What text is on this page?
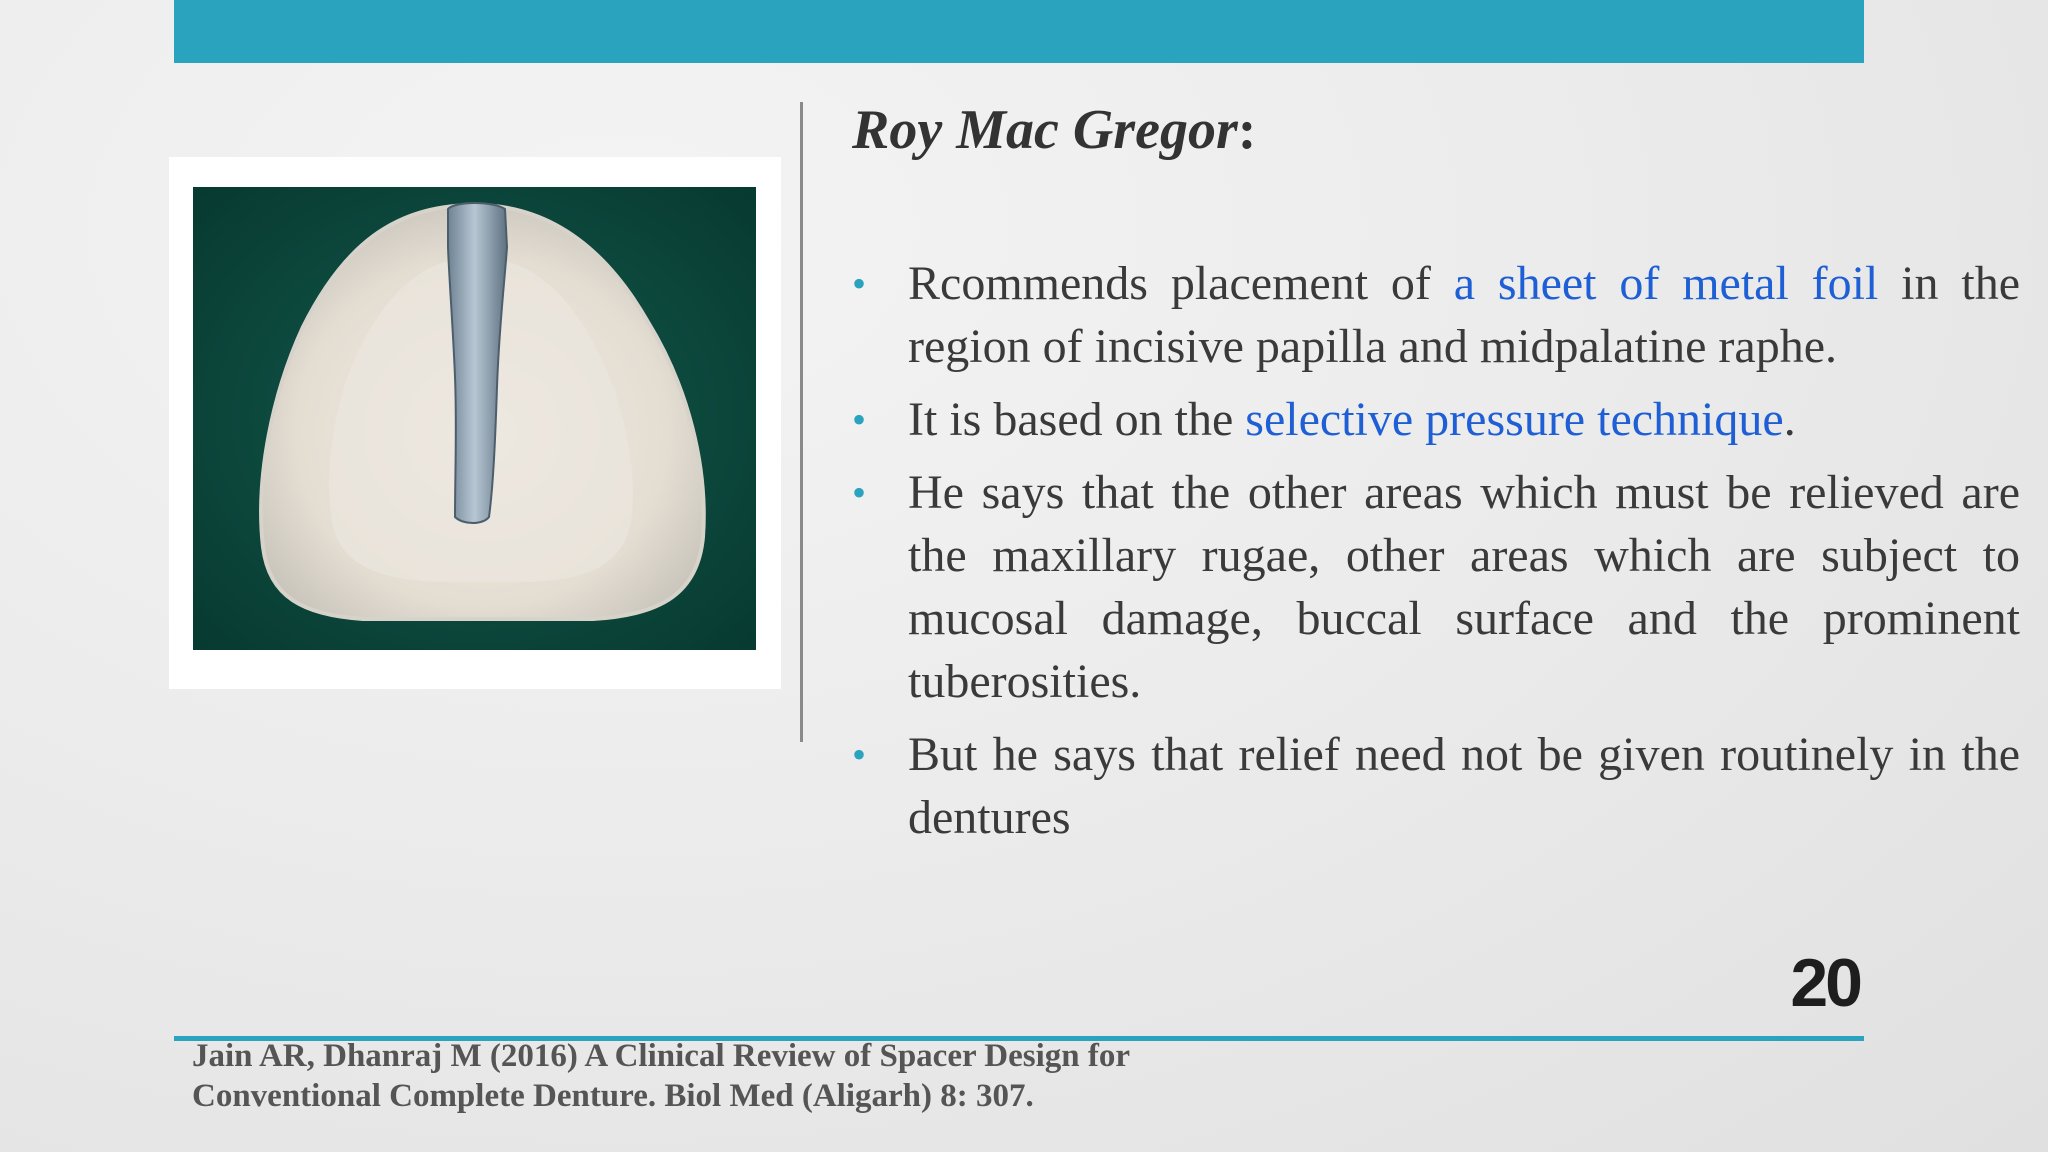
Roy Mac Gregor:
• Rcommends placement of a sheet of metal foil in the region of incisive papilla and midpalatine raphe.
• It is based on the selective pressure technique.
• He says that the other areas which must be relieved are the maxillary rugae, other areas which are subject to mucosal damage, buccal surface and the prominent tuberosities.
• But he says that relief need not be given routinely in the dentures
20

Jain AR, Dhanraj M (2016) A Clinical Review of Spacer Design for
Conventional Complete Denture. Biol Med (Aligarh) 8: 307.
